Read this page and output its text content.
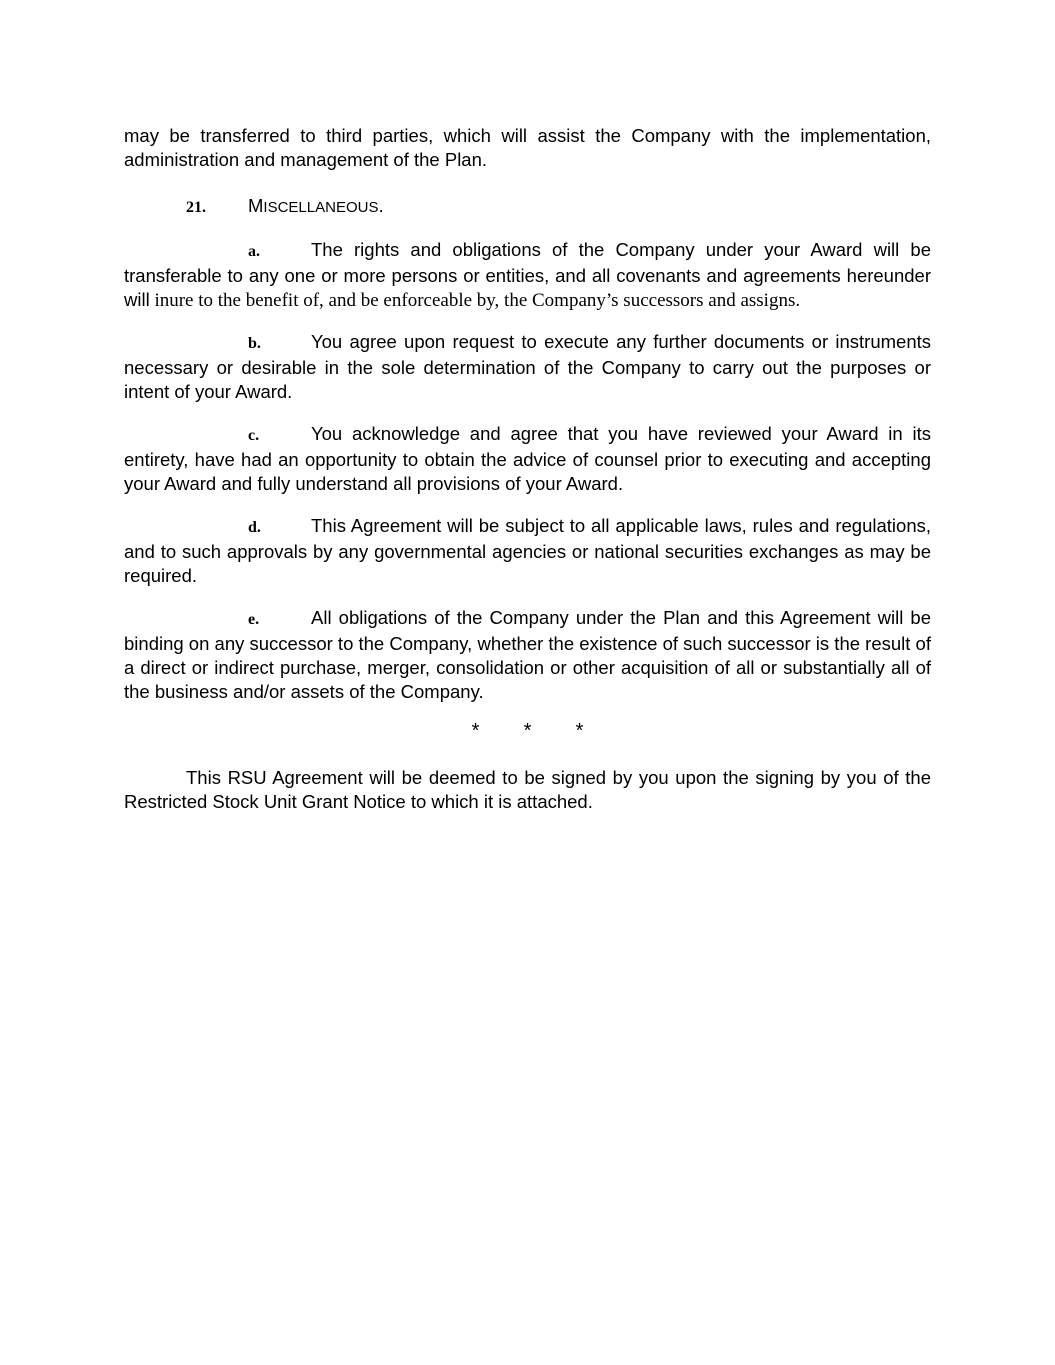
may be transferred to third parties, which will assist the Company with the implementation, administration and management of the Plan.

21. MISCELLANEOUS.

a.	The rights and obligations of the Company under your Award will be transferable to any one or more persons or entities, and all covenants and agreements hereunder will inure to the benefit of, and be enforceable by, the Company’s successors and assigns.

b.	You agree upon request to execute any further documents or instruments necessary or desirable in the sole determination of the Company to carry out the purposes or intent of your Award.

c.	You acknowledge and agree that you have reviewed your Award in its entirety, have had an opportunity to obtain the advice of counsel prior to executing and accepting your Award and fully understand all provisions of your Award.

d.	This Agreement will be subject to all applicable laws, rules and regulations, and to such approvals by any governmental agencies or national securities exchanges as may be required.

e.	All obligations of the Company under the Plan and this Agreement will be binding on any successor to the Company, whether the existence of such successor is the result of a direct or indirect purchase, merger, consolidation or other acquisition of all or substantially all of the business and/or assets of the Company.

* * *

This RSU Agreement will be deemed to be signed by you upon the signing by you of the Restricted Stock Unit Grant Notice to which it is attached.
